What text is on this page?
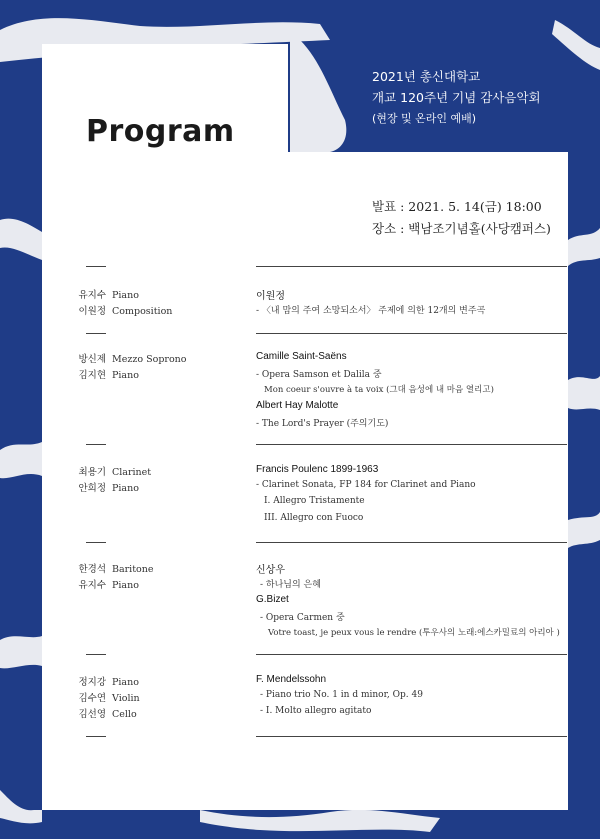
Program
2021년 총신대학교
개교 120주년 기념 감사음악회
(현장 및 온라인 예배)
발표 : 2021. 5. 14(금) 18:00
장소 : 백남조기념홀(사당캠퍼스)
유지수 Piano
이원정 Composition
이원정
- 〈내 맘의 주여 소망되소서〉 주제에 의한 12개의 변주곡
방신제 Mezzo Soprono
김지현 Piano
Camille Saint-Saëns
- Opera Samson et Dalila 중
Mon coeur s'ouvre à ta voix (그대 음성에 내 마음 열리고)
Albert Hay Malotte
- The Lord's Prayer (주의기도)
최용기 Clarinet
안희정 Piano
Francis Poulenc 1899-1963
- Clarinet Sonata, FP 184 for Clarinet and Piano
I. Allegro Tristamente
III. Allegro con Fuoco
한경석 Baritone
유지수 Piano
신상우
- 하나님의 은혜
G.Bizet
- Opera Carmen 중
Votre toast, je peux vous le rendre (투우사의 노래:에스카밀료의 아리아 )
정지강 Piano
김수연 Violin
김선영 Cello
F. Mendelssohn
- Piano trio No. 1 in d minor, Op. 49
- I. Molto allegro agitato
